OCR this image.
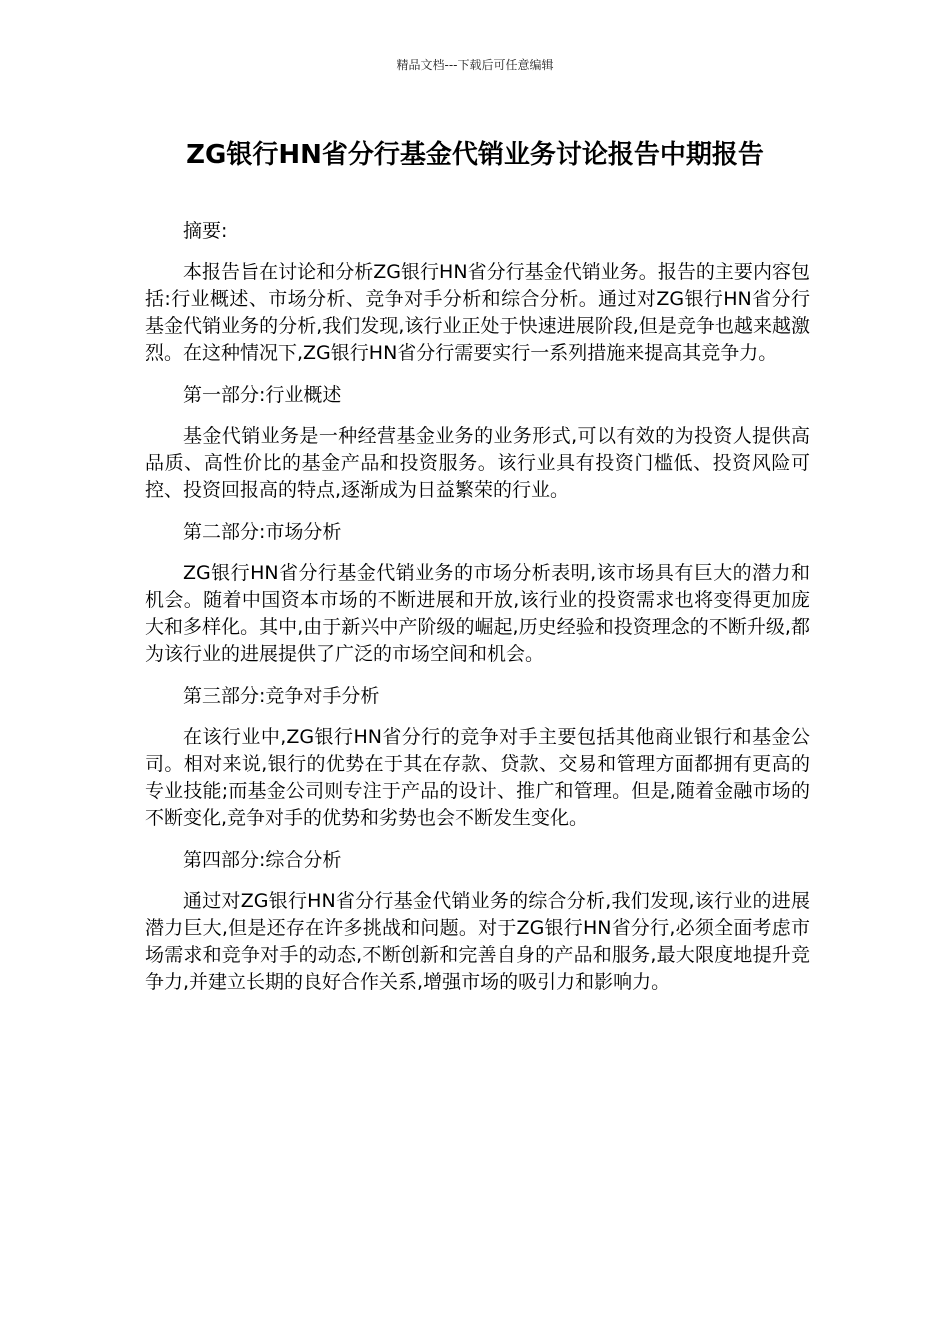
精品文档---下载后可任意编辑
ZG银行HN省分行基金代销业务讨论报告中期报告

摘要:

本报告旨在讨论和分析ZG银行HN省分行基金代销业务。报告的主要内容包括:行业概述、市场分析、竞争对手分析和综合分析。通过对ZG银行HN省分行基金代销业务的分析,我们发现,该行业正处于快速进展阶段,但是竞争也越来越激烈。在这种情况下,ZG银行HN省分行需要实行一系列措施来提高其竞争力。

第一部分:行业概述

基金代销业务是一种经营基金业务的业务形式,可以有效的为投资人提供高品质、高性价比的基金产品和投资服务。该行业具有投资门槛低、投资风险可控、投资回报高的特点,逐渐成为日益繁荣的行业。

第二部分:市场分析

ZG银行HN省分行基金代销业务的市场分析表明,该市场具有巨大的潜力和机会。随着中国资本市场的不断进展和开放,该行业的投资需求也将变得更加庞大和多样化。其中,由于新兴中产阶级的崛起,历史经验和投资理念的不断升级,都为该行业的进展提供了广泛的市场空间和机会。

第三部分:竞争对手分析

在该行业中,ZG银行HN省分行的竞争对手主要包括其他商业银行和基金公司。相对来说,银行的优势在于其在存款、贷款、交易和管理方面都拥有更高的专业技能;而基金公司则专注于产品的设计、推广和管理。但是,随着金融市场的不断变化,竞争对手的优势和劣势也会不断发生变化。

第四部分:综合分析

通过对ZG银行HN省分行基金代销业务的综合分析,我们发现,该行业的进展潜力巨大,但是还存在许多挑战和问题。对于ZG银行HN省分行,必须全面考虑市场需求和竞争对手的动态,不断创新和完善自身的产品和服务,最大限度地提升竞争力,并建立长期的良好合作关系,增强市场的吸引力和影响力。
